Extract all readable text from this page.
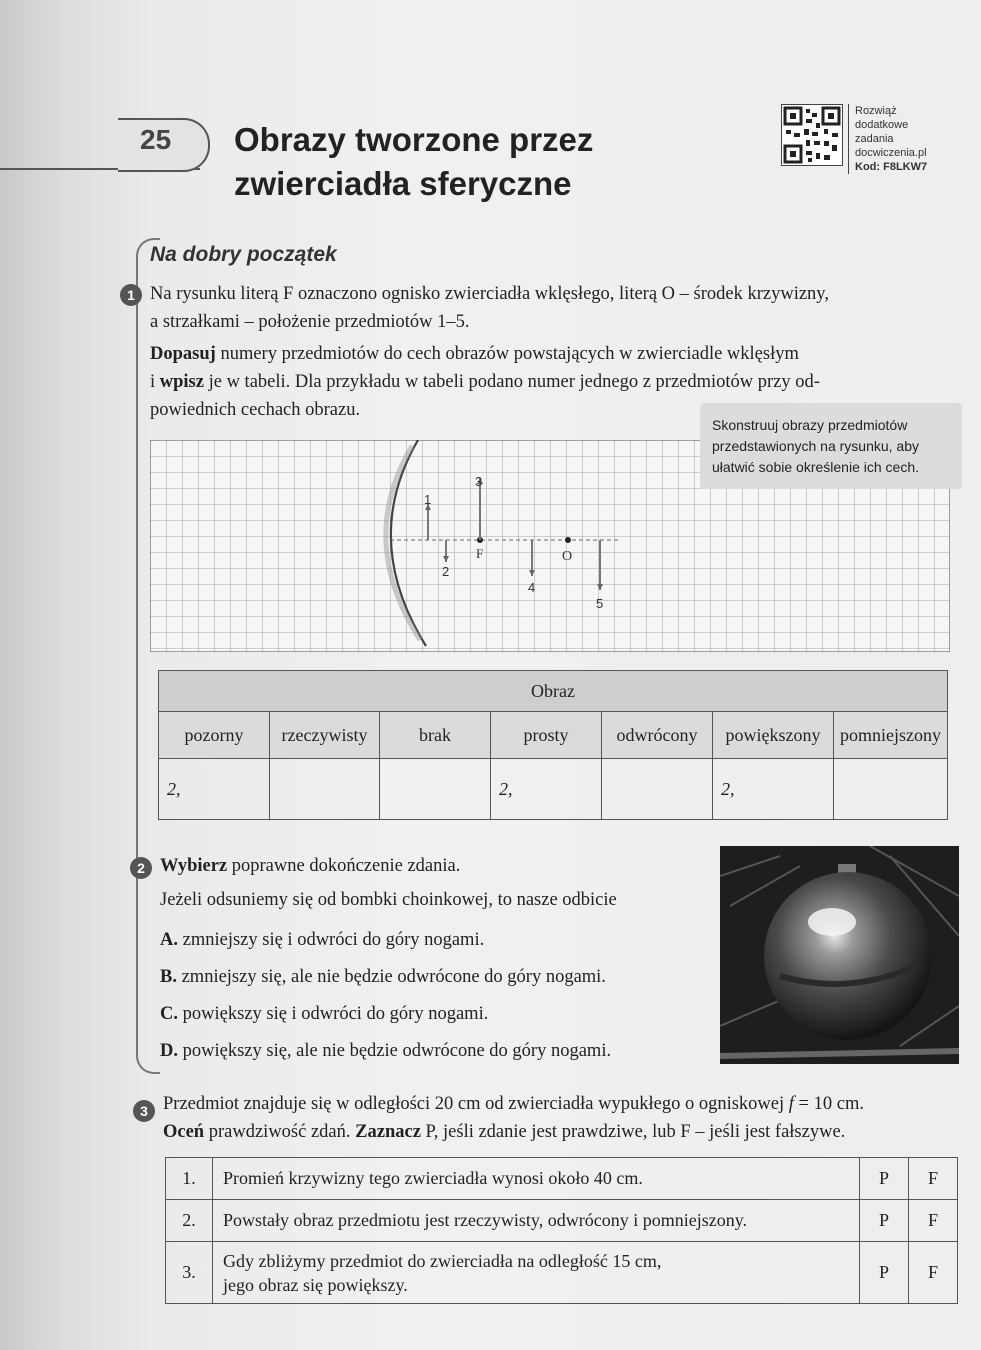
25 Obrazy tworzone przez
zwierciadła sferyczne
Rozwiąż
dodatkowe
zadania
docwiczenia.pl
Kod: F8LKW7
Na dobry początek
1 Na rysunku literą F oznaczono ognisko zwierciadła wklęsłego, literą O – środek krzywizny,
a strzałkami – położenie przedmiotów 1–5.
Dopasuj numery przedmiotów do cech obrazów powstających w zwierciadle wklęsłym
i wpisz je w tabeli. Dla przykładu w tabeli podano numer jednego z przedmiotów przy od-
powiednich cechach obrazu.
F	O
1
2
3
4
5
Skonstruuj obrazy przedmiotów
przedstawionych na rysunku, aby
ułatwić sobie określenie ich cech.
Obraz						
pozorny	rzeczywisty	brak	prosty	odwrócony	powiększony	pomniejszony
2,			2,		2,	
2 Wybierz poprawne dokończenie zdania.
Jeżeli odsuniemy się od bombki choinkowej, to nasze odbicie
A. zmniejszy się i odwróci do góry nogami.
B. zmniejszy się, ale nie będzie odwrócone do góry nogami.
C. powiększy się i odwróci do góry nogami.
D. powiększy się, ale nie będzie odwrócone do góry nogami.
3 Przedmiot znajduje się w odległości 20 cm od zwierciadła wypukłego o ogniskowej f = 10 cm.
Oceń prawdziwość zdań. Zaznacz P, jeśli zdanie jest prawdziwe, lub F – jeśli jest fałszywe.
1.	Promień krzywizny tego zwierciadła wynosi około 40 cm.	P	F
2.	Powstały obraz przedmiotu jest rzeczywisty, odwrócony i pomniejszony.	P	F
3.	Gdy zbliżymy przedmiot do zwierciadła na odległość 15 cm,
jego obraz się powiększy.	P	F
